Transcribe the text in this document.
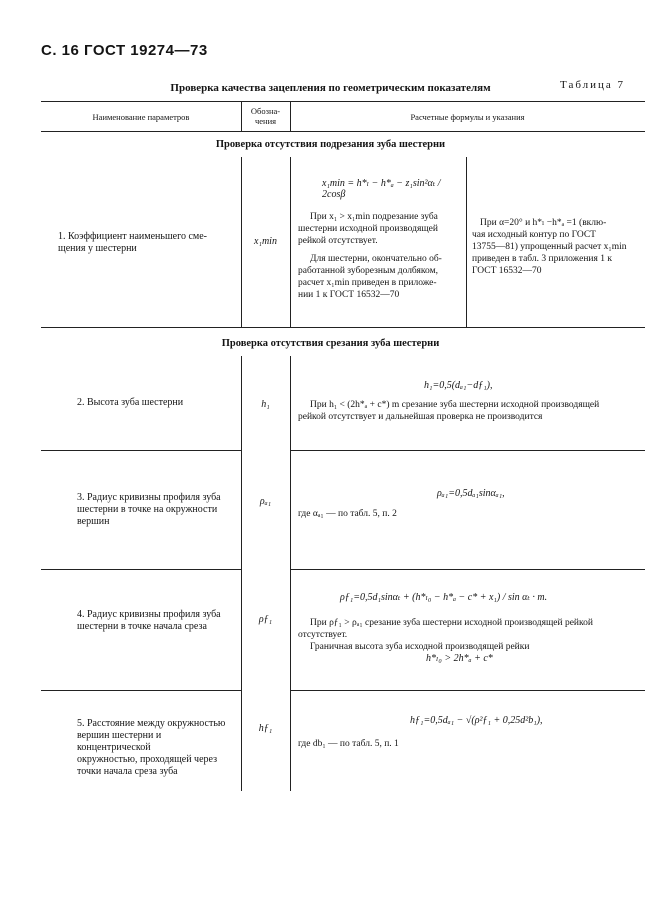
С. 16 ГОСТ 19274—73
Таблица 7
Проверка качества зацепления по геометрическим показателям
Наименование параметров
Обозна-
чения	Расчетные формулы и указания
Проверка отсутствия подрезания зуба шестерни
1. Коэффициент наименьшего сме-
щения у шестерни
x₁min
x₁min = h*ₗ − h*ₐ − z₁sin²αₜ / 2cosβ
При x₁ > x₁min подрезание зуба
шестерни исходной производящей
рейкой отсутствует.
Для шестерни, окончательно об-
работанной зуборезным долбяком,
расчет x₁min приведен в приложе-
нии 1 к ГОСТ 16532—70
При α=20° и h*ₗ −h*ₐ =1 (вклю-
чая исходный контур по ГОСТ
13755—81) упрощенный расчет x₁min
приведен в табл. 3 приложения 1 к
ГОСТ 16532—70
Проверка отсутствия срезания зуба шестерни
2. Высота зуба шестерни	h₁
h₁=0,5(dₐ₁−dƒ₁),
При h₁ < (2h*ₐ + c*) m срезание зуба шестерни исходной производящей
рейкой отсутствует и дальнейшая проверка не производится
3. Радиус кривизны профиля зуба
шестерни в точке на окружности
вершин
ρₐ₁
ρₐ₁=0,5dₐ₁sinαₐ₁,
где αₐ₁ — по табл. 5, п. 2
4. Радиус кривизны профиля зуба
шестерни в точке начала среза
ρƒ₁
ρƒ₁=0,5d₁sinαₜ + (h*ₗ₀ − h*ₐ − c* + x₁) / sin αₜ · m.
При ρƒ₁ > ρₐ₁ срезание зуба шестерни исходной производящей рейкой
отсутствует.
Граничная высота зуба исходной производящей рейки
h*ₗ₀ > 2h*ₐ + c*
5. Расстояние между окружностью
вершин шестерни и концентрической
окружностью, проходящей через
точки начала среза зуба
hƒ₁
hƒ₁=0,5dₐ₁ − √(ρ²ƒ₁ + 0,25d²b₁),
где db₁ — по табл. 5, п. 1
